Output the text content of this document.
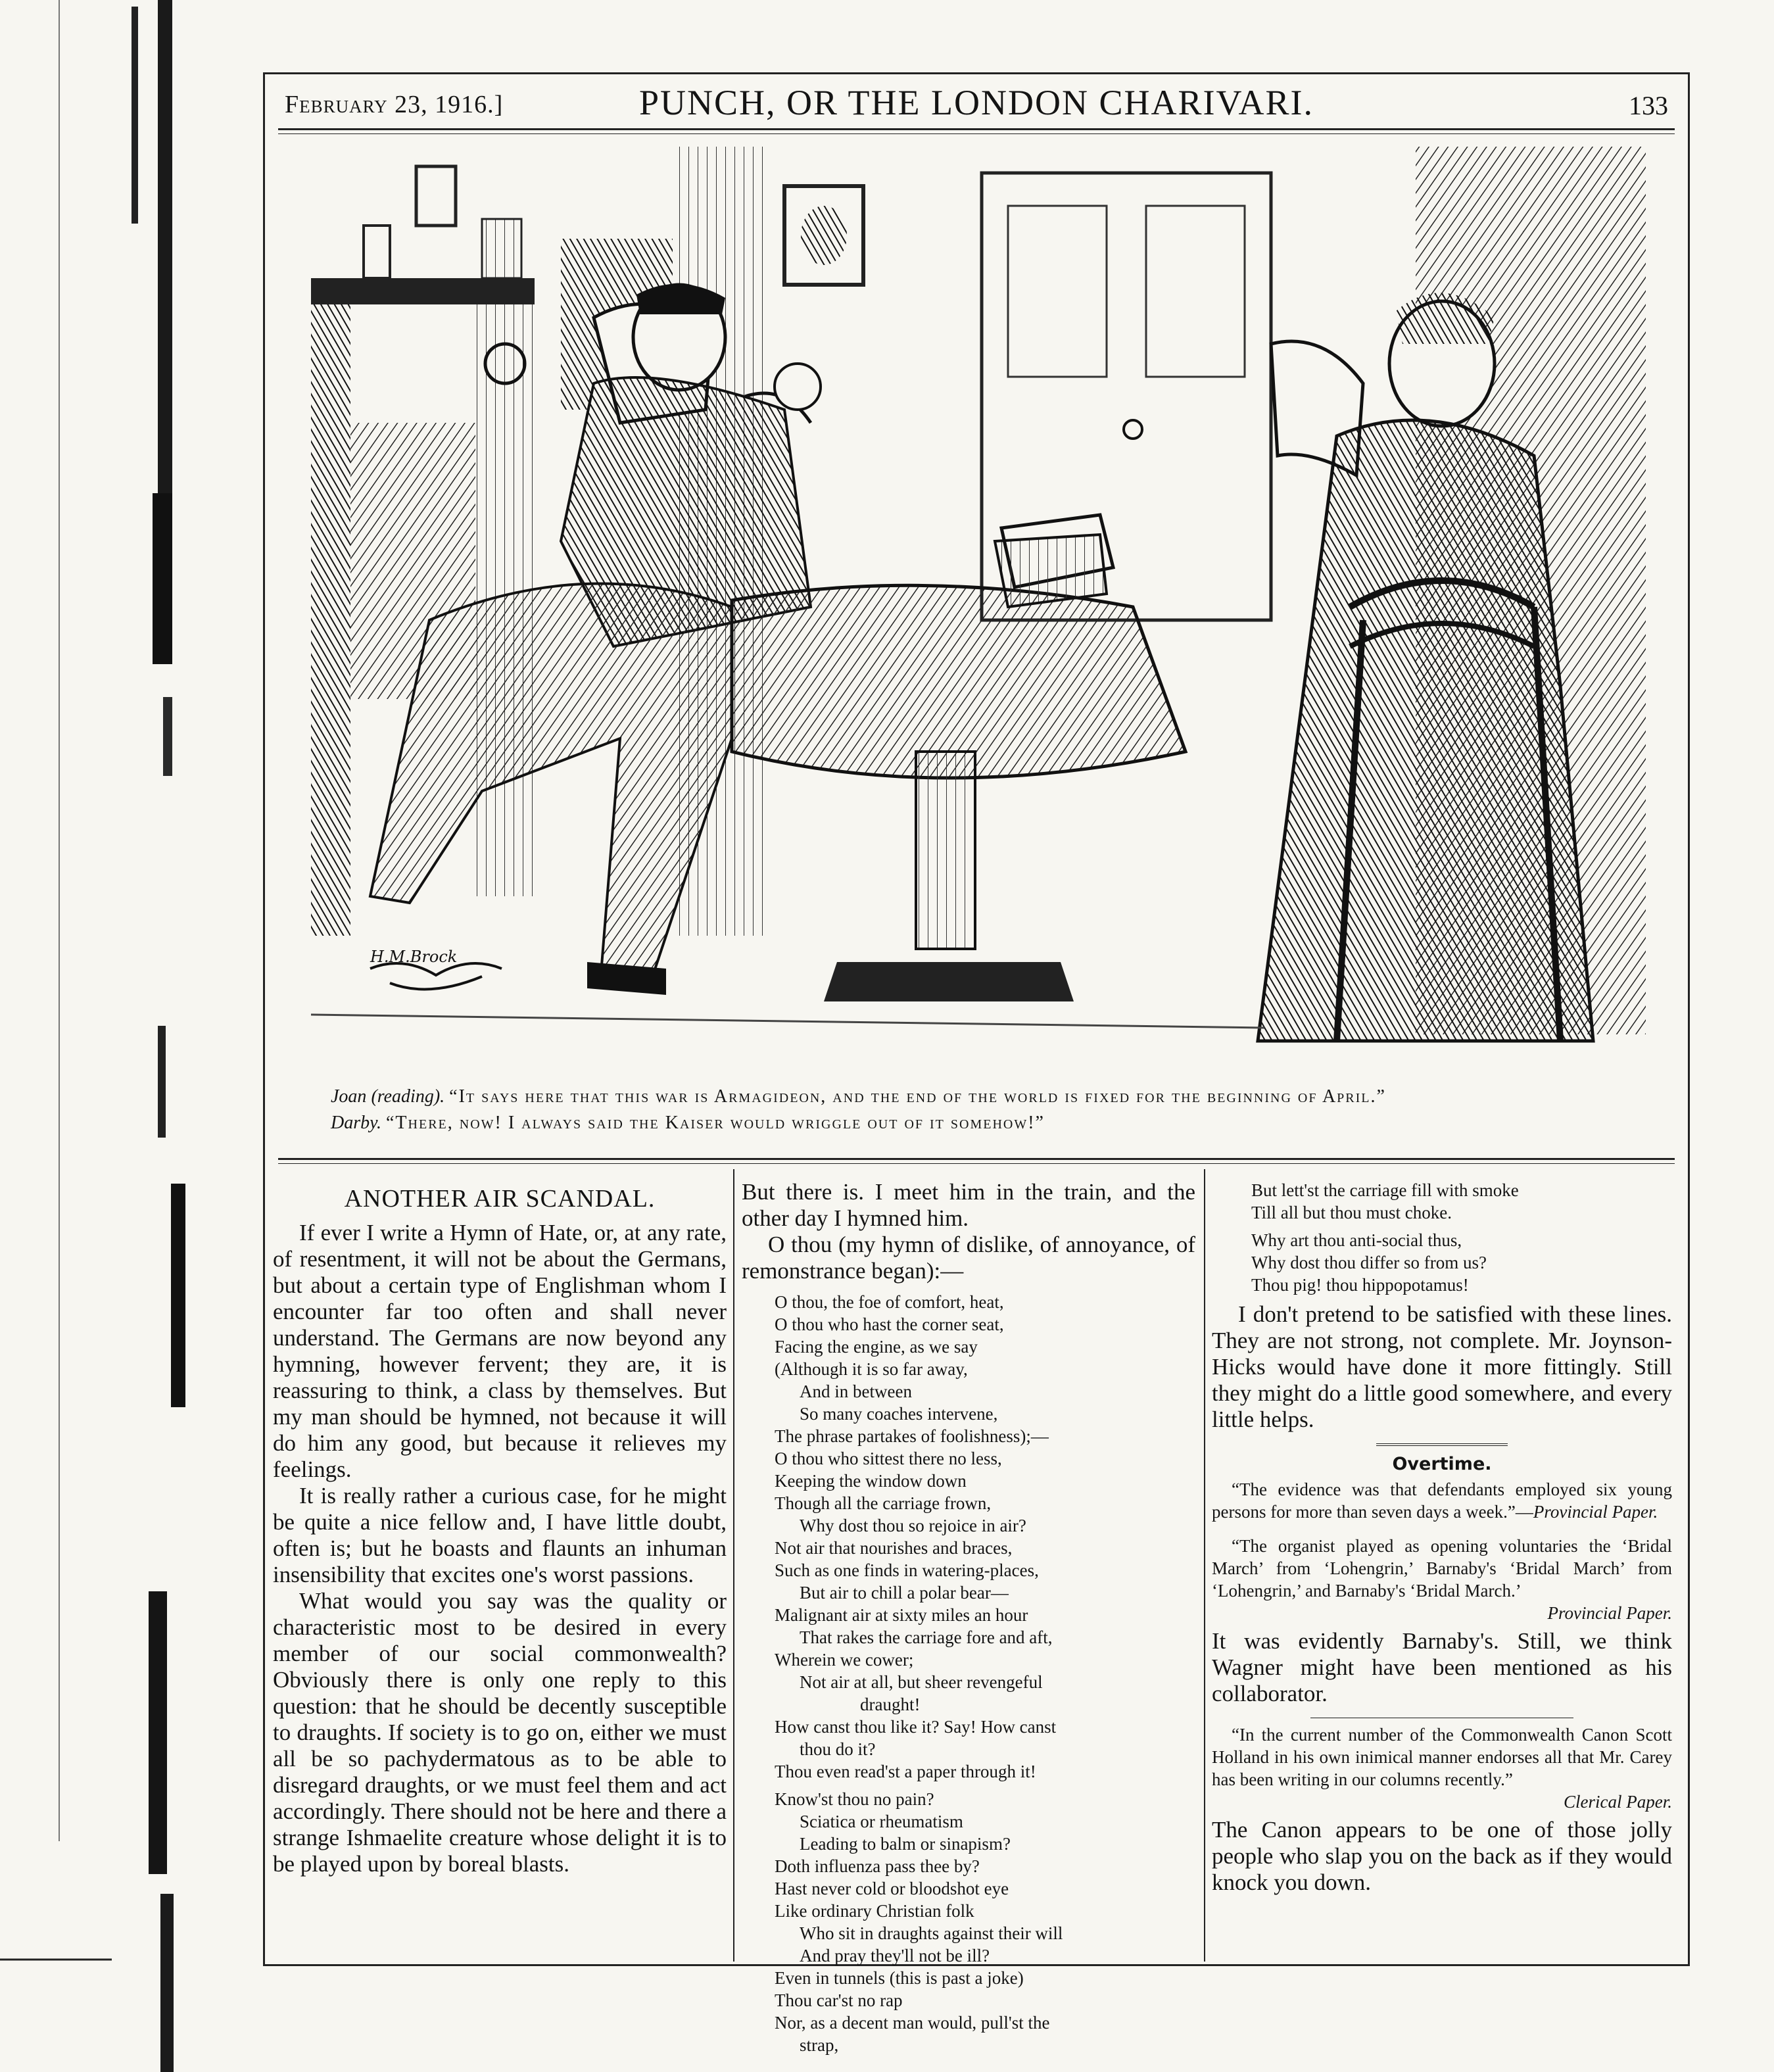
February 23, 1916.]	PUNCH, OR THE LONDON CHARIVARI.	133
H.M.Brock
Joan (reading). “It says here that this war is Armagideon, and the end of the world is fixed for the beginning of April.”
Darby. “There, now! I always said the Kaiser would wriggle out of it somehow!”
ANOTHER AIR SCANDAL.

If ever I write a Hymn of Hate, or, at any rate, of resentment, it will not be about the Germans, but about a certain type of Englishman whom I encounter far too often and shall never understand. The Germans are now beyond any hymning, however fervent; they are, it is reassuring to think, a class by themselves. But my man should be hymned, not because it will do him any good, but because it relieves my feelings.

It is really rather a curious case, for he might be quite a nice fellow and, I have little doubt, often is; but he boasts and flaunts an inhuman insensibility that excites one's worst passions.

What would you say was the quality or characteristic most to be desired in every member of our social commonwealth? Obviously there is only one reply to this question: that he should be decently susceptible to draughts. If society is to go on, either we must all be so pachydermatous as to be able to disregard draughts, or we must feel them and act accordingly. There should not be here and there a strange Ishmaelite creature whose delight it is to be played upon by boreal blasts.

But there is. I meet him in the train, and the other day I hymned him.

O thou (my hymn of dislike, of annoyance, of remonstrance began):—

O thou, the foe of comfort, heat,
O thou who hast the corner seat,
Facing the engine, as we say
(Although it is so far away,
And in between
So many coaches intervene,
The phrase partakes of foolishness);—
O thou who sittest there no less,
Keeping the window down
Though all the carriage frown,
Why dost thou so rejoice in air?
Not air that nourishes and braces,
Such as one finds in watering-places,
But air to chill a polar bear—
Malignant air at sixty miles an hour
That rakes the carriage fore and aft,
Wherein we cower;
Not air at all, but sheer revengeful
draught!
How canst thou like it? Say! How canst
thou do it?
Thou even read'st a paper through it!
Know'st thou no pain?
Sciatica or rheumatism
Leading to balm or sinapism?
Doth influenza pass thee by?
Hast never cold or bloodshot eye
Like ordinary Christian folk
Who sit in draughts against their will
And pray they'll not be ill?
Even in tunnels (this is past a joke)
Thou car'st no rap
Nor, as a decent man would, pull'st the
strap,
But lett'st the carriage fill with smoke
Till all but thou must choke.
Why art thou anti-social thus,
Why dost thou differ so from us?
Thou pig! thou hippopotamus!

I don't pretend to be satisfied with these lines. They are not strong, not complete. Mr. Joynson-Hicks would have done it more fittingly. Still they might do a little good somewhere, and every little helps.

Overtime.

“The evidence was that defendants employed six young persons for more than seven days a week.”—Provincial Paper.

“The organist played as opening voluntaries the ‘Bridal March’ from ‘Lohengrin,’ Barnaby's ‘Bridal March’ from ‘Lohengrin,’ and Barnaby's ‘Bridal March.’

Provincial Paper.

It was evidently Barnaby's. Still, we think Wagner might have been mentioned as his collaborator.

“In the current number of the Commonwealth Canon Scott Holland in his own inimical manner endorses all that Mr. Carey has been writing in our columns recently.”

Clerical Paper.

The Canon appears to be one of those jolly people who slap you on the back as if they would knock you down.
